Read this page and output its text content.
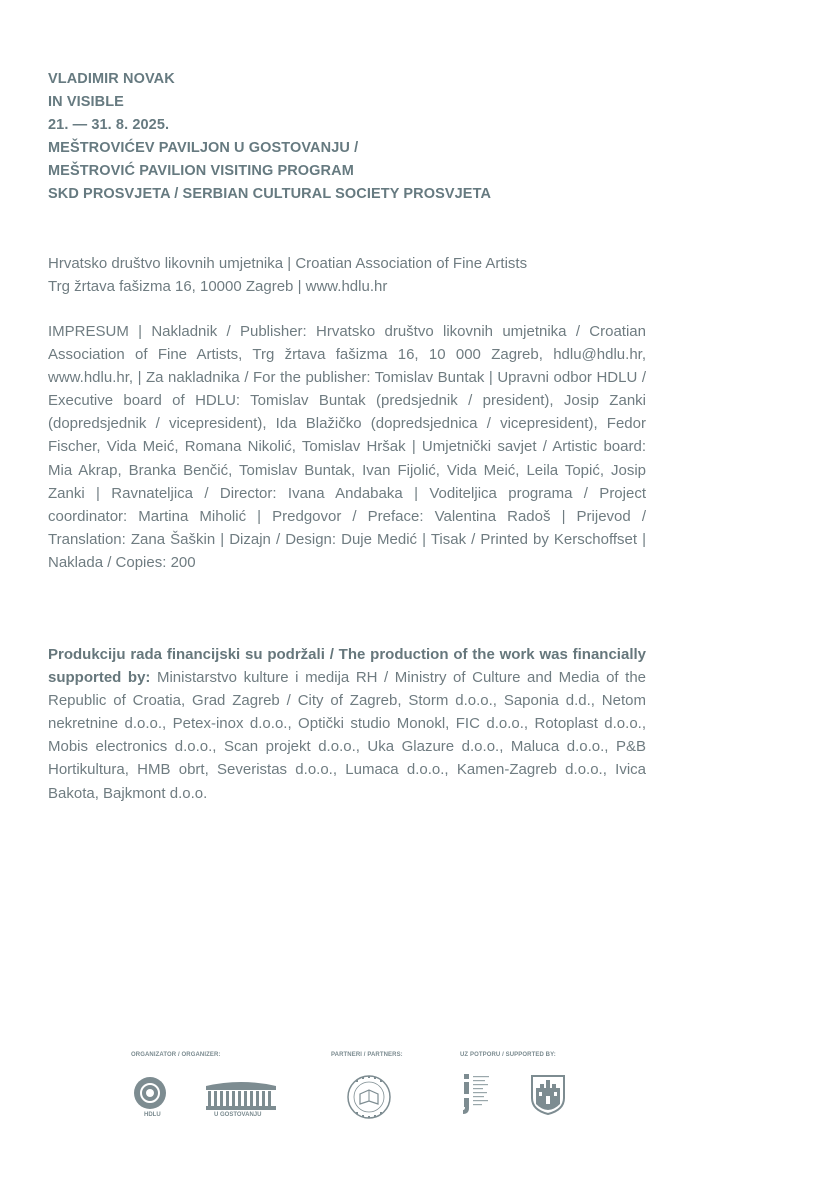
VLADIMIR NOVAK
IN VISIBLE
21. — 31. 8. 2025.
MEŠTROVIĆEV PAVILJON U GOSTOVANJU /
MEŠTROVIĆ PAVILION VISITING PROGRAM
SKD PROSVJETA / SERBIAN CULTURAL SOCIETY PROSVJETA
Hrvatsko društvo likovnih umjetnika | Croatian Association of Fine Artists
Trg žrtava fašizma 16, 10000 Zagreb | www.hdlu.hr
IMPRESUM | Nakladnik / Publisher: Hrvatsko društvo likovnih umjetnika / Croatian Association of Fine Artists, Trg žrtava fašizma 16, 10 000 Zagreb, hdlu@hdlu.hr, www.hdlu.hr, | Za nakladnika / For the publisher: Tomislav Buntak | Upravni odbor HDLU / Executive board of HDLU: Tomislav Buntak (predsjednik / president), Josip Zanki (dopredsjednik / vicepresident), Ida Blažičko (dopredsjednica / vicepresident), Fedor Fischer, Vida Meić, Romana Nikolić, Tomislav Hršak | Umjetnički savjet / Artistic board: Mia Akrap, Branka Benčić, Tomislav Buntak, Ivan Fijolić, Vida Meić, Leila Topić, Josip Zanki | Ravnateljica / Director: Ivana Andabaka | Voditeljica programa / Project coordinator: Martina Miholić | Predgovor / Preface: Valentina Radoš | Prijevod / Translation: Zana Šaškin | Dizajn / Design: Duje Medić | Tisak / Printed by Kerschoffset | Naklada / Copies: 200
Produkciju rada financijski su podržali / The production of the work was financially supported by: Ministarstvo kulture i medija RH / Ministry of Culture and Media of the Republic of Croatia, Grad Zagreb / City of Zagreb, Storm d.o.o., Saponia d.d., Netom nekretnine d.o.o., Petex-inox d.o.o., Optički studio Monokl, FIC d.o.o., Rotoplast d.o.o., Mobis electronics d.o.o., Scan projekt d.o.o., Uka Glazure d.o.o., Maluca d.o.o., P&B Hortikultura, HMB obrt, Severistas d.o.o., Lumaca d.o.o., Kamen-Zagreb d.o.o., Ivica Bakota, Bajkmont d.o.o.
ORGANIZATOR / ORGANIZER:	PARTNERI / PARTNERS:	UZ POTPORU / SUPPORTED BY:
HDLU	U GOSTOVANJU
